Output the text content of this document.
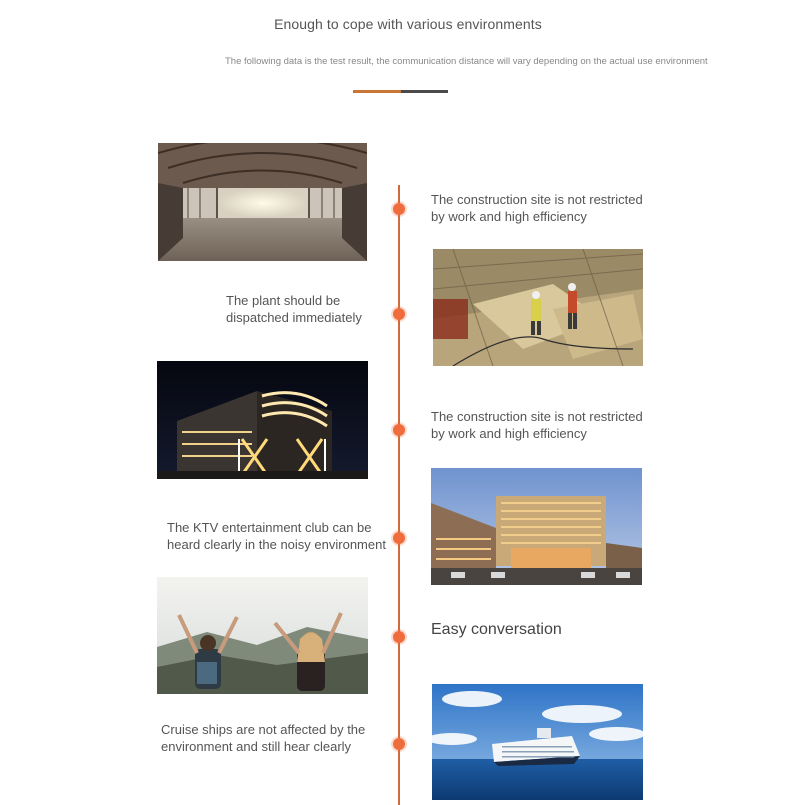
Enough to cope with various environments
The following data is the test result, the communication distance will vary depending on the actual use environment
The construction site is not restricted
by work and high efficiency
The plant should be
dispatched immediately
The construction site is not restricted
by work and high efficiency
The KTV entertainment club can be
heard clearly in the noisy environment
Easy conversation
Cruise ships are not affected by the
environment and still hear clearly
